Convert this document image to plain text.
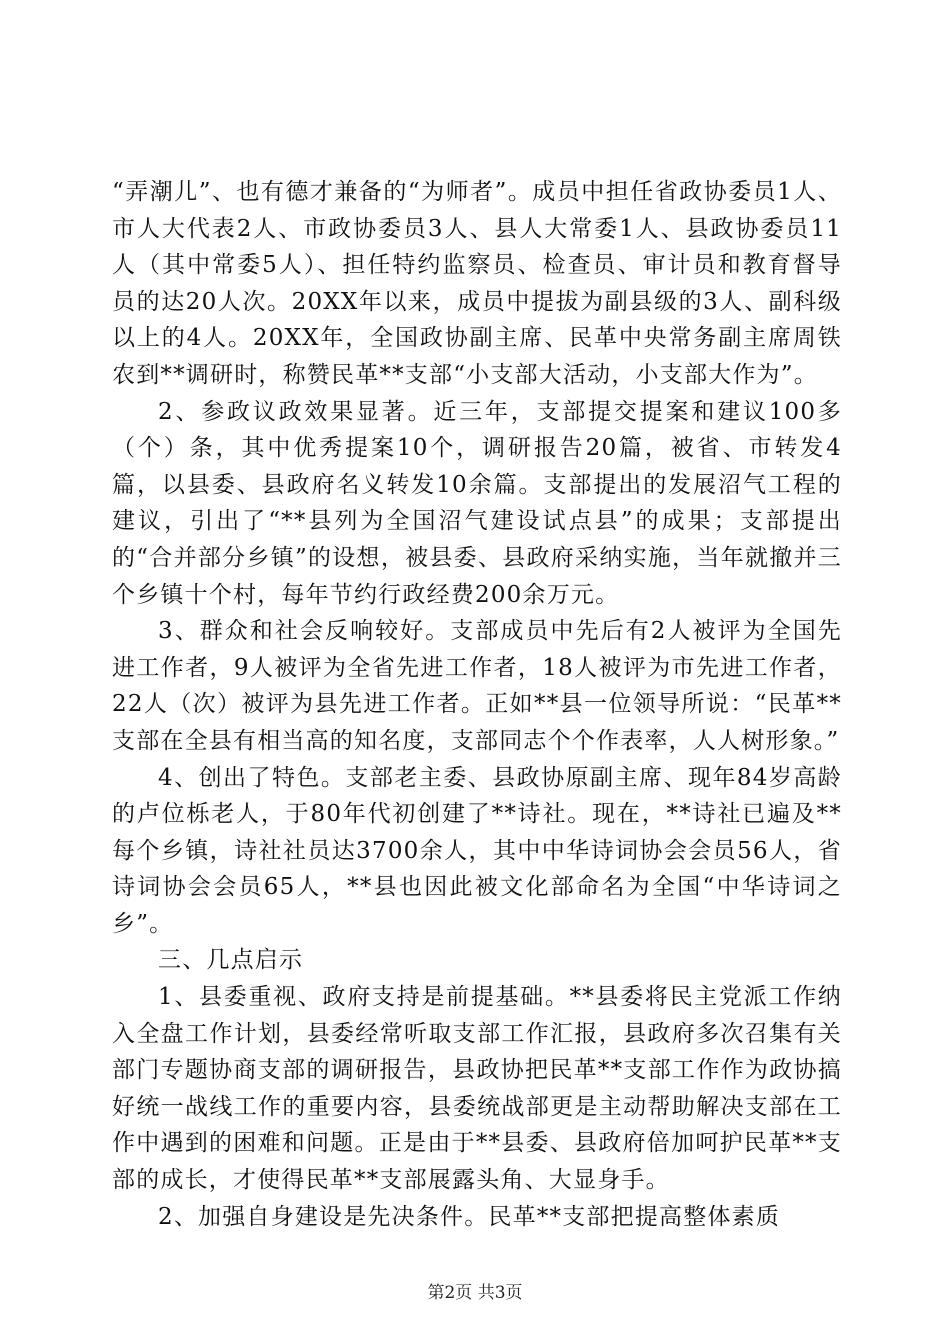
“弄潮儿”、也有德才兼备的“为师者”。成员中担任省政协委员1人、市人大代表2人、市政协委员3人、县人大常委1人、县政协委员11人（其中常委5人）、担任特约监察员、检查员、审计员和教育督导员的达20人次。20XX年以来，成员中提拔为副县级的3人、副科级以上的4人。20XX年，全国政协副主席、民革中央常务副主席周铁农到**调研时，称赞民革**支部“小支部大活动，小支部大作为”。

2、参政议政效果显著。近三年，支部提交提案和建议100多（个）条，其中优秀提案10个，调研报告20篇，被省、市转发4篇，以县委、县政府名义转发10余篇。支部提出的发展沼气工程的建议，引出了“**县列为全国沼气建设试点县”的成果；支部提出的“合并部分乡镇”的设想，被县委、县政府采纳实施，当年就撤并三个乡镇十个村，每年节约行政经费200余万元。

3、群众和社会反响较好。支部成员中先后有2人被评为全国先进工作者，9人被评为全省先进工作者，18人被评为市先进工作者，22人（次）被评为县先进工作者。正如**县一位领导所说：“民革**支部在全县有相当高的知名度，支部同志个个作表率，人人树形象。”

4、创出了特色。支部老主委、县政协原副主席、现年84岁高龄的卢位栎老人，于80年代初创建了**诗社。现在，**诗社已遍及**每个乡镇，诗社社员达3700余人，其中中华诗词协会会员56人，省诗词协会会员65人，**县也因此被文化部命名为全国“中华诗词之乡”。

三、几点启示

1、县委重视、政府支持是前提基础。**县委将民主党派工作纳入全盘工作计划，县委经常听取支部工作汇报，县政府多次召集有关部门专题协商支部的调研报告，县政协把民革**支部工作作为政协搞好统一战线工作的重要内容，县委统战部更是主动帮助解决支部在工作中遇到的困难和问题。正是由于**县委、县政府倍加呵护民革**支部的成长，才使得民革**支部展露头角、大显身手。

2、加强自身建设是先决条件。民革**支部把提高整体素质

第2页 共3页
